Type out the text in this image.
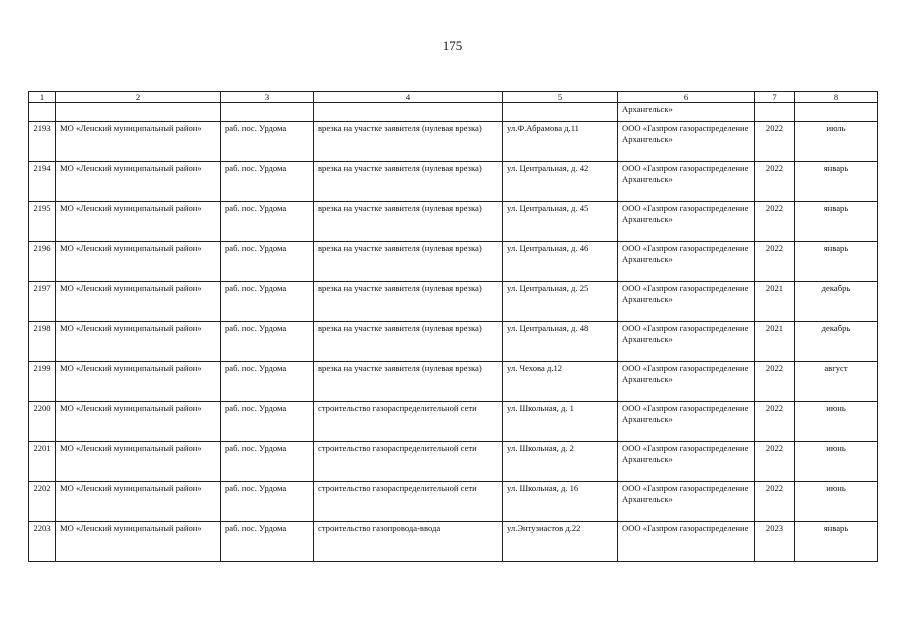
175
1	2	3	4	5	6	7	8
					Архангельск»		
2193	МО «Ленский муниципальный район»	раб. пос. Урдома	врезка на участке заявителя (нулевая врезка)	ул.Ф.Абрамова д.11	ООО «Газпром газораспределение Архангельск»	2022	июль
2194	МО «Ленский муниципальный район»	раб. пос. Урдома	врезка на участке заявителя (нулевая врезка)	ул. Центральная, д. 42	ООО «Газпром газораспределение Архангельск»	2022	январь
2195	МО «Ленский муниципальный район»	раб. пос. Урдома	врезка на участке заявителя (нулевая врезка)	ул. Центральная, д. 45	ООО «Газпром газораспределение Архангельск»	2022	январь
2196	МО «Ленский муниципальный район»	раб. пос. Урдома	врезка на участке заявителя (нулевая врезка)	ул. Центральная, д. 46	ООО «Газпром газораспределение Архангельск»	2022	январь
2197	МО «Ленский муниципальный район»	раб. пос. Урдома	врезка на участке заявителя (нулевая врезка)	ул. Центральная, д. 25	ООО «Газпром газораспределение Архангельск»	2021	декабрь
2198	МО «Ленский муниципальный район»	раб. пос. Урдома	врезка на участке заявителя (нулевая врезка)	ул. Центральная, д. 48	ООО «Газпром газораспределение Архангельск»	2021	декабрь
2199	МО «Ленский муниципальный район»	раб. пос. Урдома	врезка на участке заявителя (нулевая врезка)	ул. Чехова д.12	ООО «Газпром газораспределение Архангельск»	2022	август
2200	МО «Ленский муниципальный район»	раб. пос. Урдома	строительство газораспределительной сети	ул. Школьная, д. 1	ООО «Газпром газораспределение Архангельск»	2022	июнь
2201	МО «Ленский муниципальный район»	раб. пос. Урдома	строительство газораспределительной сети	ул. Школьная, д. 2	ООО «Газпром газораспределение Архангельск»	2022	июнь
2202	МО «Ленский муниципальный район»	раб. пос. Урдома	строительство газораспределительной сети	ул. Школьная, д. 16	ООО «Газпром газораспределение Архангельск»	2022	июнь
2203	МО «Ленский муниципальный район»	раб. пос. Урдома	строительство газопровода-ввода	ул.Энтузиастов д.22	ООО «Газпром газораспределение	2023	январь
